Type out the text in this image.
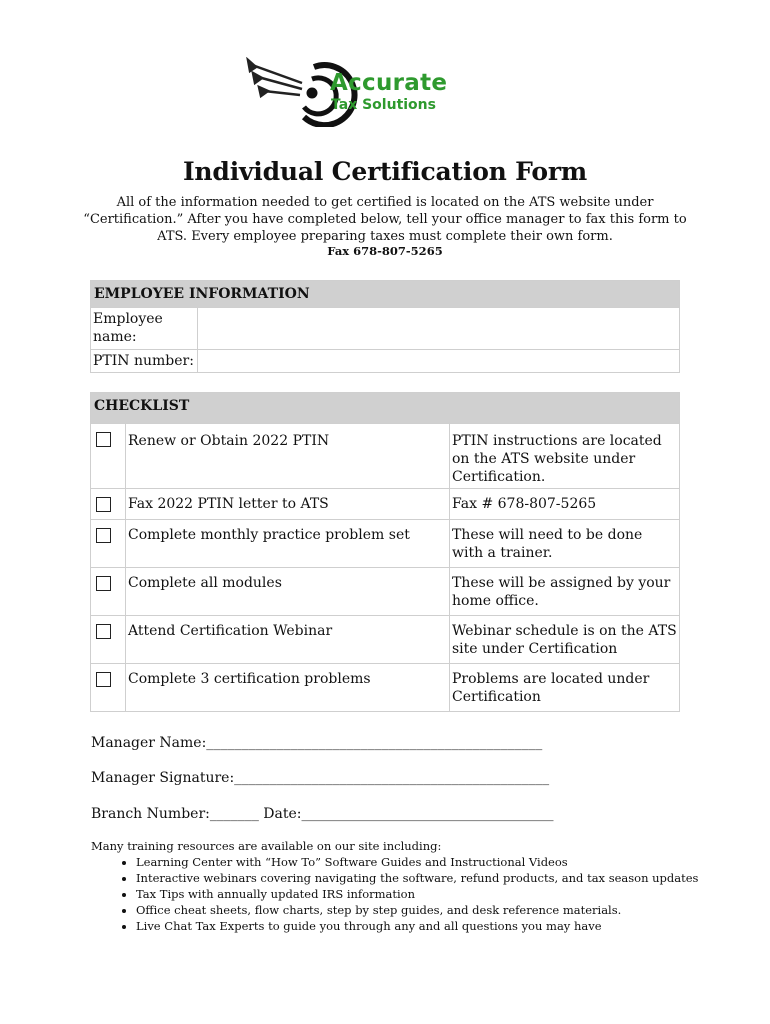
Accurate
Tax Solutions
Individual Certification Form
All of the information needed to get certified is located on the ATS website under “Certification.” After you have completed below, tell your office manager to fax this form to ATS. Every employee preparing taxes must complete their own form.
Fax 678-807-5265
EMPLOYEE INFORMATION	
Employee name:	
PTIN number:	
CHECKLIST		
	Renew or Obtain 2022 PTIN	PTIN instructions are located on the ATS website under Certification.
	Fax 2022 PTIN letter to ATS	Fax # 678-807-5265
	Complete monthly practice problem set	These will need to be done with a trainer.
	Complete all modules	These will be assigned by your home office.
	Attend Certification Webinar	Webinar schedule is on the ATS site under Certification
	Complete 3 certification problems	Problems are located under Certification
Manager Name:________________________________________________
Manager Signature:_____________________________________________
Branch Number:_______ Date:____________________________________
Many training resources are available on our site including:
• Learning Center with “How To” Software Guides and Instructional Videos
• Interactive webinars covering navigating the software, refund products, and tax season updates
• Tax Tips with annually updated IRS information
• Office cheat sheets, flow charts, step by step guides, and desk reference materials.
• Live Chat Tax Experts to guide you through any and all questions you may have
